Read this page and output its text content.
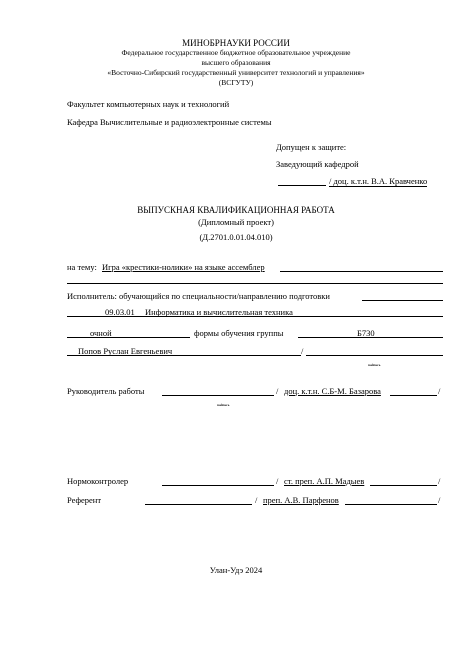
МИНОБРНАУКИ РОССИИ
Федеральное государственное бюджетное образовательное учреждение
высшего образования
«Восточно-Сибирский государственный университет технологий и управления»
(ВСГУТУ)
Факультет компьютерных наук и технологий
Кафедра Вычислительные и радиоэлектронные системы
Допущен к защите:
Заведующий кафедрой
/ доц. к.т.н. В.А. Кравченко
ВЫПУСКНАЯ КВАЛИФИКАЦИОННАЯ РАБОТА
(Дипломный проект)
(Д.2701.0.01.04.010)
на тему: Игра «крестики-нолики» на языке ассемблер
Исполнитель: обучающийся по специальности/направлению подготовки
09.03.01 Информатика и вычислительная техника
очной	формы обучения группы	Б730
Попов Руслан Евгеньевич	/
подпись
Руководитель работы	/ доц. к.т.н. С.Б-М. Базарова	/
подпись
Нормоконтролер	/ ст. преп. А.П. Мадыев	/
Референт	/ преп. А.В. Парфенов	/
Улан-Удэ 2024
